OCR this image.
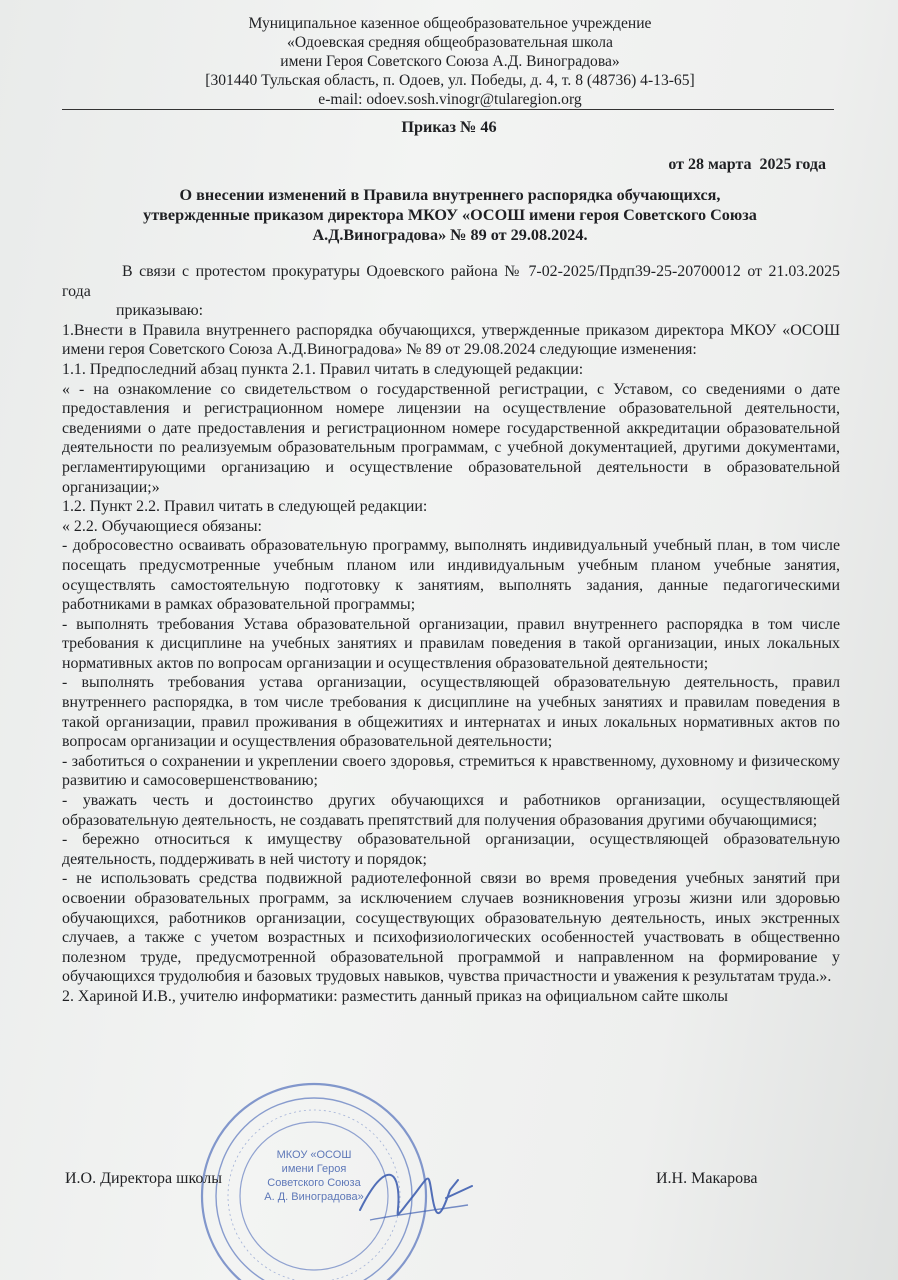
Муниципальное казенное общеобразовательное учреждение
«Одоевская средняя общеобразовательная школа
имени Героя Советского Союза А.Д. Виноградова»
[301440 Тульская область, п. Одоев, ул. Победы, д. 4, т. 8 (48736) 4-13-65]
e-mail: odoev.sosh.vinogr@tularegion.org
Приказ № 46
от 28 марта  2025 года
О внесении изменений в Правила внутреннего распорядка обучающихся,
утвержденные приказом директора МКОУ «ОСОШ имени героя Советского Союза
А.Д.Виноградова» № 89 от 29.08.2024.

В связи с протестом прокуратуры Одоевского района № 7-02-2025/Прдп39-25-20700012 от 21.03.2025 года

приказываю:

1.Внести в Правила внутреннего распорядка обучающихся, утвержденные приказом директора МКОУ «ОСОШ имени героя Советского Союза А.Д.Виноградова» № 89 от 29.08.2024 следующие изменения:

1.1. Предпоследний абзац пункта 2.1. Правил читать в следующей редакции:

« - на ознакомление со свидетельством о государственной регистрации, с Уставом, со сведениями о дате предоставления и регистрационном номере лицензии на осуществление образовательной деятельности, сведениями о дате предоставления и регистрационном номере государственной аккредитации образовательной деятельности по реализуемым образовательным программам, с учебной документацией, другими документами, регламентирующими организацию и осуществление образовательной деятельности в образовательной организации;»

1.2. Пункт 2.2. Правил читать в следующей редакции:

« 2.2. Обучающиеся обязаны:

- добросовестно осваивать образовательную программу, выполнять индивидуальный учебный план, в том числе посещать предусмотренные учебным планом или индивидуальным учебным планом учебные занятия, осуществлять самостоятельную подготовку к занятиям, выполнять задания, данные педагогическими работниками в рамках образовательной программы;

- выполнять требования Устава образовательной организации, правил внутреннего распорядка в том числе требования к дисциплине на учебных занятиях и правилам поведения в такой организации, иных локальных нормативных актов по вопросам организации и осуществления образовательной деятельности;

- выполнять требования устава организации, осуществляющей образовательную деятельность, правил внутреннего распорядка, в том числе требования к дисциплине на учебных занятиях и правилам поведения в такой организации, правил проживания в общежитиях и интернатах и иных локальных нормативных актов по вопросам организации и осуществления образовательной деятельности;

- заботиться о сохранении и укреплении своего здоровья, стремиться к нравственному, духовному и физическому развитию и самосовершенствованию;

- уважать честь и достоинство других обучающихся и работников организации, осуществляющей образовательную деятельность, не создавать препятствий для получения образования другими обучающимися;

- бережно относиться к имуществу образовательной организации, осуществляющей образовательную деятельность, поддерживать в ней чистоту и порядок;

- не использовать средства подвижной радиотелефонной связи во время проведения учебных занятий при освоении образовательных программ, за исключением случаев возникновения угрозы жизни или здоровью обучающихся, работников организации, сосуществующих образовательную деятельность, иных экстренных случаев, а также с учетом возрастных и психофизиологических особенностей участвовать в общественно полезном труде, предусмотренной образовательной программой и направленном на формирование у обучающихся трудолюбия и базовых трудовых навыков, чувства причастности и уважения к результатам труда.».

2. Хариной И.В., учителю информатики: разместить данный приказ на официальном сайте школы

МКОУ «ОСОШ
имени Героя
Советского Союза
А. Д. Виноградова»
И.О. Директора школы	И.Н. Макарова
